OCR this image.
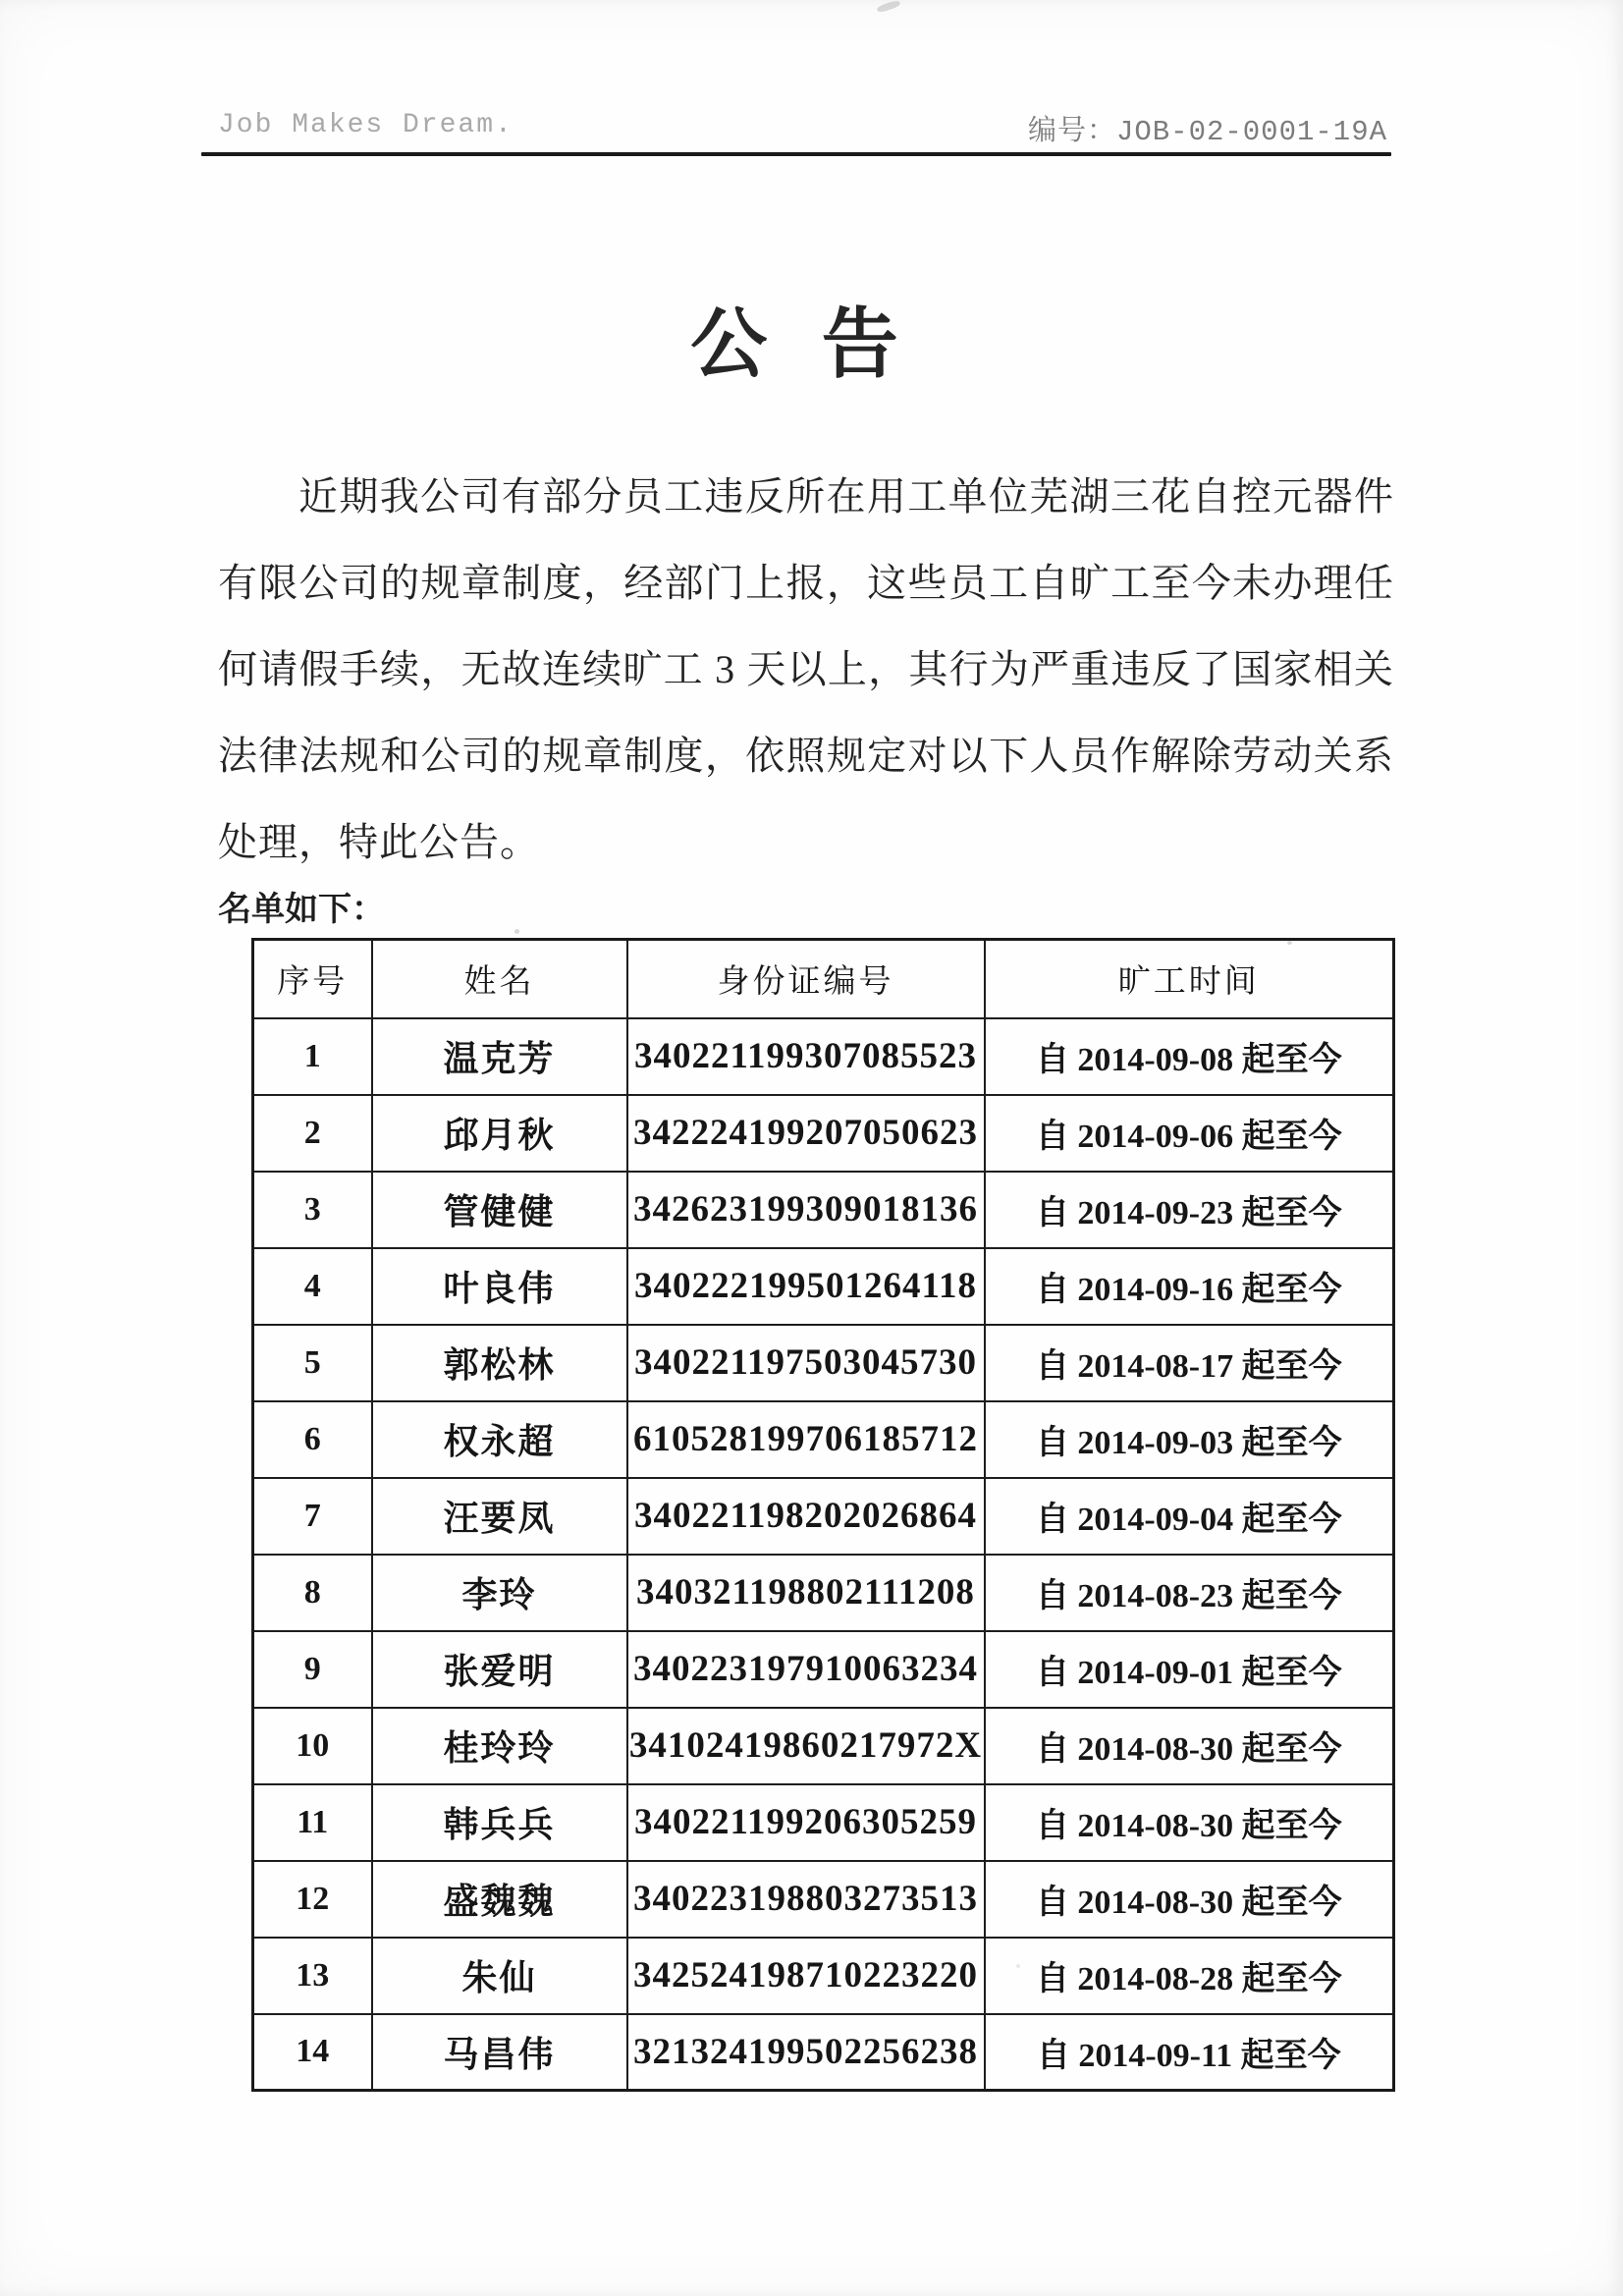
Job Makes Dream.	编号：JOB-02-0001-19A
公 告
近期我公司有部分员工违反所在用工单位芜湖三花自控元器件有限公司的规章制度，经部门上报，这些员工自旷工至今未办理任何请假手续，无故连续旷工 3 天以上，其行为严重违反了国家相关法律法规和公司的规章制度，依照规定对以下人员作解除劳动关系处理，特此公告。
名单如下：
序号	姓名	身份证编号	旷工时间
1	温克芳	340221199307085523	自 2014-09-08 起至今
2	邱月秋	342224199207050623	自 2014-09-06 起至今
3	管健健	342623199309018136	自 2014-09-23 起至今
4	叶良伟	340222199501264118	自 2014-09-16 起至今
5	郭松林	340221197503045730	自 2014-08-17 起至今
6	权永超	610528199706185712	自 2014-09-03 起至今
7	汪要凤	340221198202026864	自 2014-09-04 起至今
8	李玲	340321198802111208	自 2014-08-23 起至今
9	张爱明	340223197910063234	自 2014-09-01 起至今
10	桂玲玲	34102419860217972X	自 2014-08-30 起至今
11	韩兵兵	340221199206305259	自 2014-08-30 起至今
12	盛魏魏	340223198803273513	自 2014-08-30 起至今
13	朱仙	342524198710223220	自 2014-08-28 起至今
14	马昌伟	321324199502256238	自 2014-09-11 起至今
